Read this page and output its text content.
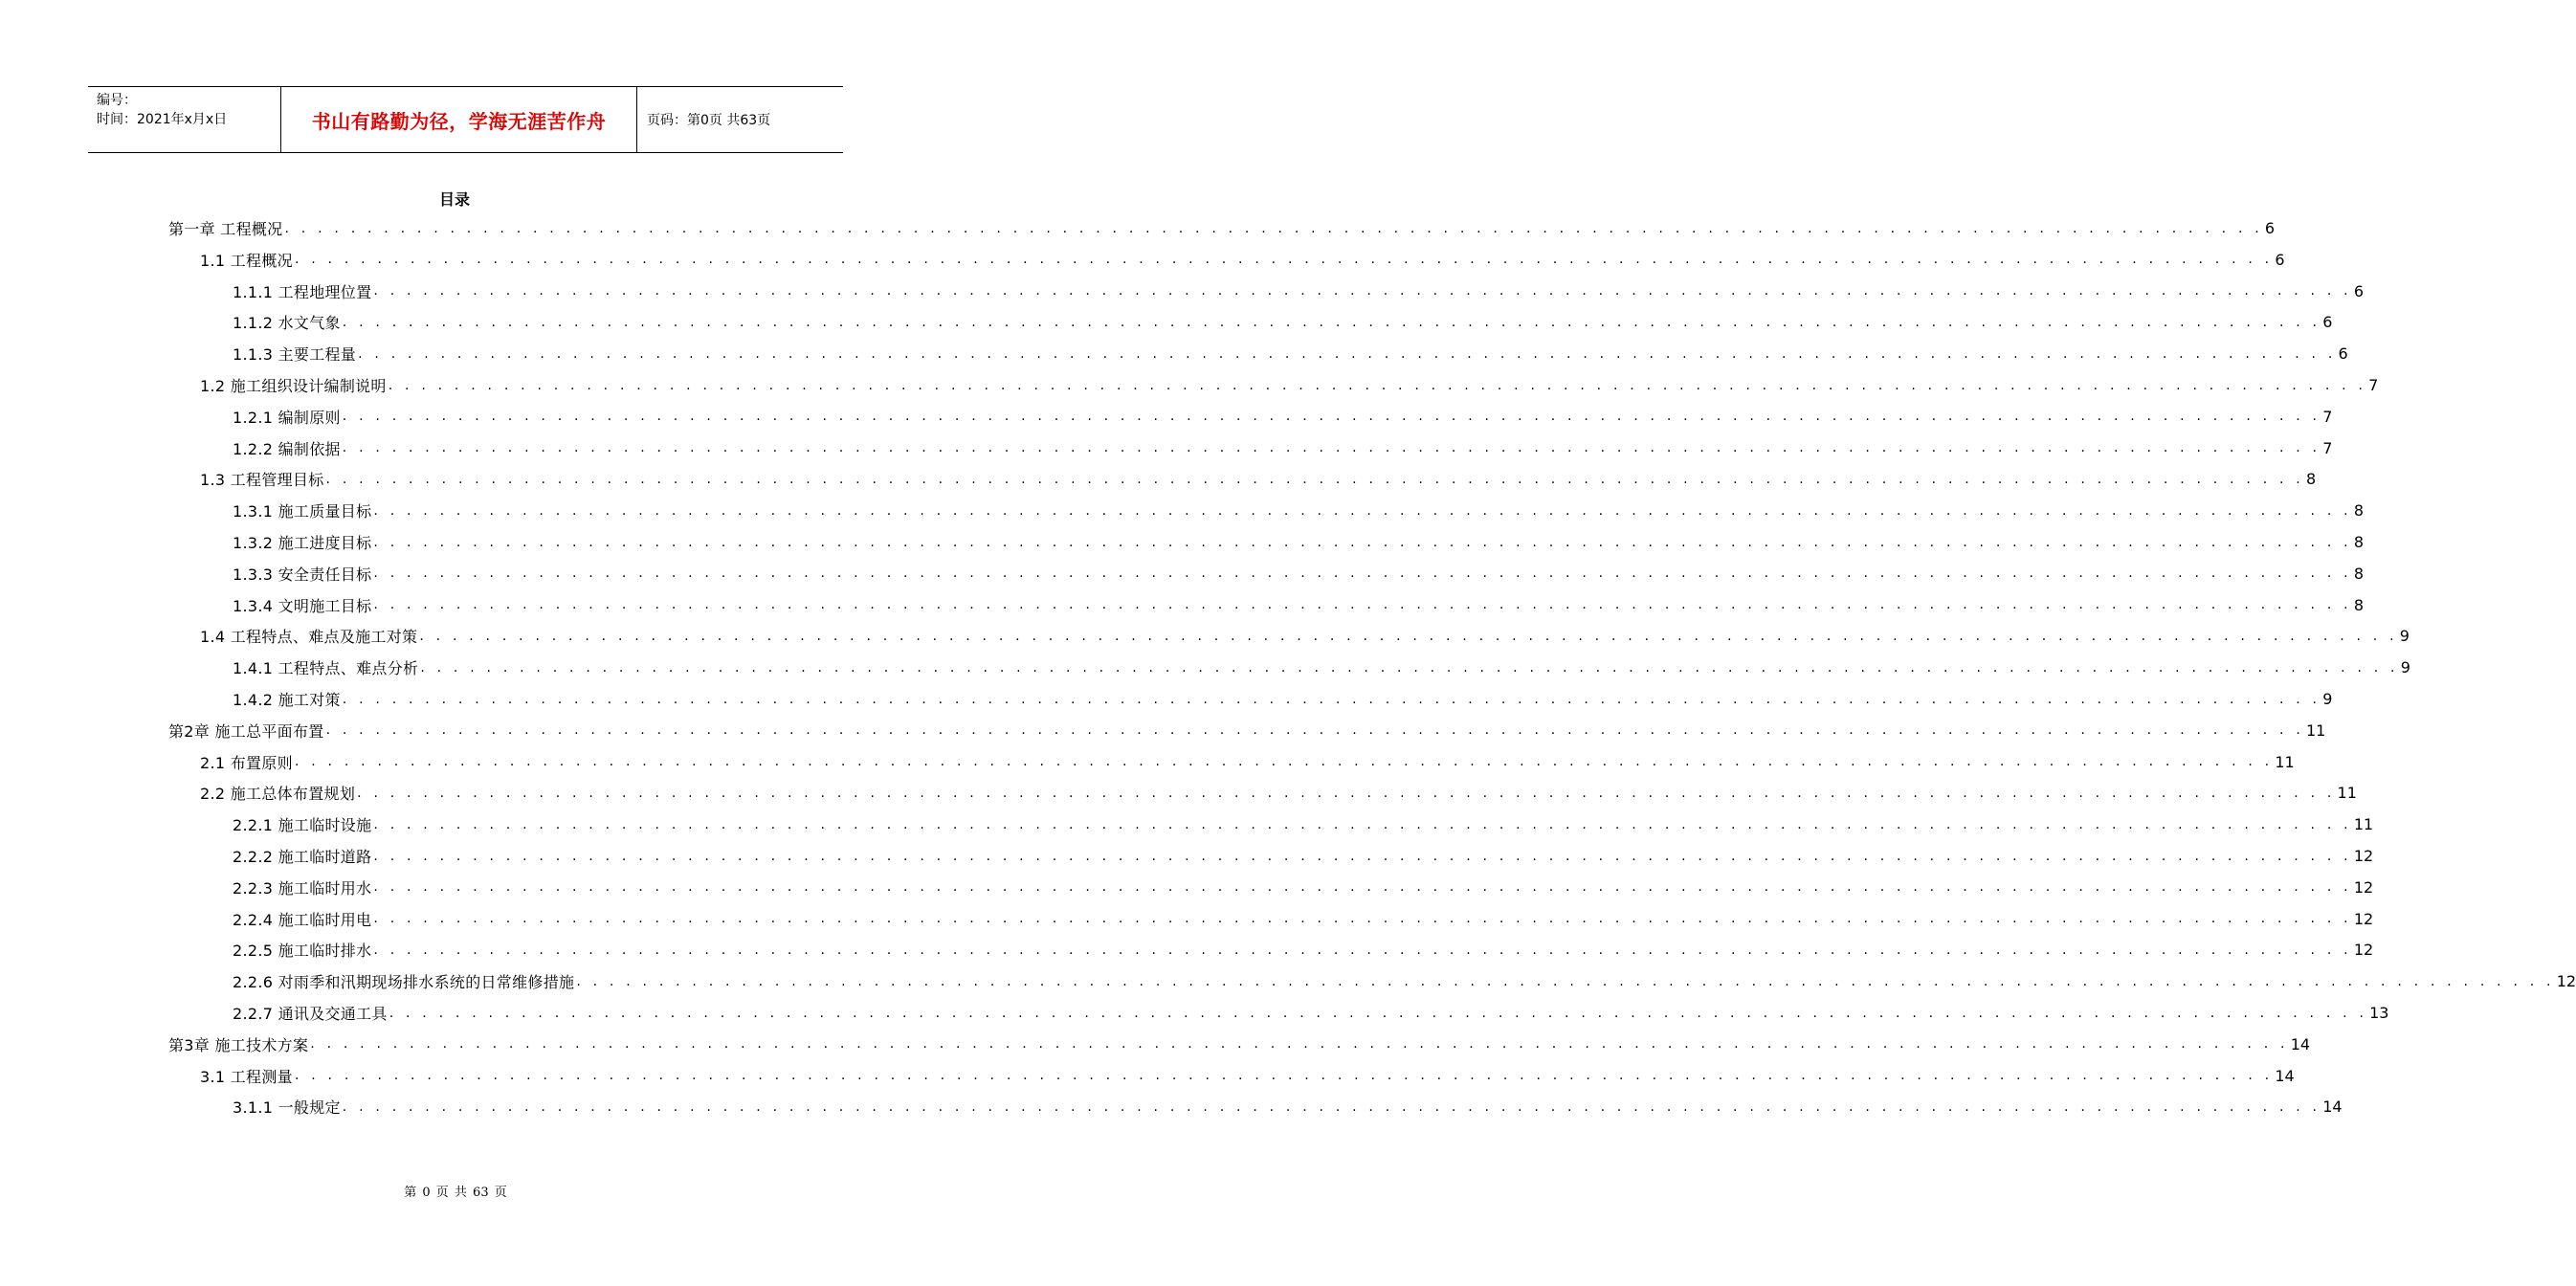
编号：
时间：2021年x月x日	书山有路勤为径，学海无涯苦作舟	页码：第0页 共63页
目录
第一章 工程概况 . . . . . . . . . . . . . . . . . . . . . . . . . . . . . . . . . . . . . . . . . . . . . . . . . . . . . . . . . . . . . . . . . . . . . . . . . . . . . . . . . . . . . . . . . . . . . . . . . . . . . . . . . . . . . . . . . . . . . . . . 6
1.1 工程概况 . . . . . . . . . . . . . . . . . . . . . . . . . . . . . . . . . . . . . . . . . . . . . . . . . . . . . . . . . . . . . . . . . . . . . . . . . . . . . . . . . . . . . . . . . . . . . . . . . . . . . . . . . . . . . . . . . . . . . . . . 6
1.1.1 工程地理位置 . . . . . . . . . . . . . . . . . . . . . . . . . . . . . . . . . . . . . . . . . . . . . . . . . . . . . . . . . . . . . . . . . . . . . . . . . . . . . . . . . . . . . . . . . . . . . . . . . . . . . . . . . . . . . . . . . . . . . . . . 6
1.1.2 水文气象 . . . . . . . . . . . . . . . . . . . . . . . . . . . . . . . . . . . . . . . . . . . . . . . . . . . . . . . . . . . . . . . . . . . . . . . . . . . . . . . . . . . . . . . . . . . . . . . . . . . . . . . . . . . . . . . . . . . . . . . . 6
1.1.3 主要工程量 . . . . . . . . . . . . . . . . . . . . . . . . . . . . . . . . . . . . . . . . . . . . . . . . . . . . . . . . . . . . . . . . . . . . . . . . . . . . . . . . . . . . . . . . . . . . . . . . . . . . . . . . . . . . . . . . . . . . . . . . 6
1.2 施工组织设计编制说明 . . . . . . . . . . . . . . . . . . . . . . . . . . . . . . . . . . . . . . . . . . . . . . . . . . . . . . . . . . . . . . . . . . . . . . . . . . . . . . . . . . . . . . . . . . . . . . . . . . . . . . . . . . . . . . . . . . . . . . . . 7
1.2.1 编制原则 . . . . . . . . . . . . . . . . . . . . . . . . . . . . . . . . . . . . . . . . . . . . . . . . . . . . . . . . . . . . . . . . . . . . . . . . . . . . . . . . . . . . . . . . . . . . . . . . . . . . . . . . . . . . . . . . . . . . . . . . 7
1.2.2 编制依据 . . . . . . . . . . . . . . . . . . . . . . . . . . . . . . . . . . . . . . . . . . . . . . . . . . . . . . . . . . . . . . . . . . . . . . . . . . . . . . . . . . . . . . . . . . . . . . . . . . . . . . . . . . . . . . . . . . . . . . . . 7
1.3 工程管理目标 . . . . . . . . . . . . . . . . . . . . . . . . . . . . . . . . . . . . . . . . . . . . . . . . . . . . . . . . . . . . . . . . . . . . . . . . . . . . . . . . . . . . . . . . . . . . . . . . . . . . . . . . . . . . . . . . . . . . . . . . 8
1.3.1 施工质量目标 . . . . . . . . . . . . . . . . . . . . . . . . . . . . . . . . . . . . . . . . . . . . . . . . . . . . . . . . . . . . . . . . . . . . . . . . . . . . . . . . . . . . . . . . . . . . . . . . . . . . . . . . . . . . . . . . . . . . . . . . 8
1.3.2 施工进度目标 . . . . . . . . . . . . . . . . . . . . . . . . . . . . . . . . . . . . . . . . . . . . . . . . . . . . . . . . . . . . . . . . . . . . . . . . . . . . . . . . . . . . . . . . . . . . . . . . . . . . . . . . . . . . . . . . . . . . . . . . 8
1.3.3 安全责任目标 . . . . . . . . . . . . . . . . . . . . . . . . . . . . . . . . . . . . . . . . . . . . . . . . . . . . . . . . . . . . . . . . . . . . . . . . . . . . . . . . . . . . . . . . . . . . . . . . . . . . . . . . . . . . . . . . . . . . . . . . 8
1.3.4 文明施工目标 . . . . . . . . . . . . . . . . . . . . . . . . . . . . . . . . . . . . . . . . . . . . . . . . . . . . . . . . . . . . . . . . . . . . . . . . . . . . . . . . . . . . . . . . . . . . . . . . . . . . . . . . . . . . . . . . . . . . . . . . 8
1.4 工程特点、难点及施工对策 . . . . . . . . . . . . . . . . . . . . . . . . . . . . . . . . . . . . . . . . . . . . . . . . . . . . . . . . . . . . . . . . . . . . . . . . . . . . . . . . . . . . . . . . . . . . . . . . . . . . . . . . . . . . . . . . . . . . . . . . 9
1.4.1 工程特点、难点分析 . . . . . . . . . . . . . . . . . . . . . . . . . . . . . . . . . . . . . . . . . . . . . . . . . . . . . . . . . . . . . . . . . . . . . . . . . . . . . . . . . . . . . . . . . . . . . . . . . . . . . . . . . . . . . . . . . . . . . . . . 9
1.4.2 施工对策 . . . . . . . . . . . . . . . . . . . . . . . . . . . . . . . . . . . . . . . . . . . . . . . . . . . . . . . . . . . . . . . . . . . . . . . . . . . . . . . . . . . . . . . . . . . . . . . . . . . . . . . . . . . . . . . . . . . . . . . . 9
第2章 施工总平面布置 . . . . . . . . . . . . . . . . . . . . . . . . . . . . . . . . . . . . . . . . . . . . . . . . . . . . . . . . . . . . . . . . . . . . . . . . . . . . . . . . . . . . . . . . . . . . . . . . . . . . . . . . . . . . . . . . . . . . . . . . 11
2.1 布置原则 . . . . . . . . . . . . . . . . . . . . . . . . . . . . . . . . . . . . . . . . . . . . . . . . . . . . . . . . . . . . . . . . . . . . . . . . . . . . . . . . . . . . . . . . . . . . . . . . . . . . . . . . . . . . . . . . . . . . . . . . 11
2.2 施工总体布置规划 . . . . . . . . . . . . . . . . . . . . . . . . . . . . . . . . . . . . . . . . . . . . . . . . . . . . . . . . . . . . . . . . . . . . . . . . . . . . . . . . . . . . . . . . . . . . . . . . . . . . . . . . . . . . . . . . . . . . . . . . 11
2.2.1 施工临时设施 . . . . . . . . . . . . . . . . . . . . . . . . . . . . . . . . . . . . . . . . . . . . . . . . . . . . . . . . . . . . . . . . . . . . . . . . . . . . . . . . . . . . . . . . . . . . . . . . . . . . . . . . . . . . . . . . . . . . . . . . 11
2.2.2 施工临时道路 . . . . . . . . . . . . . . . . . . . . . . . . . . . . . . . . . . . . . . . . . . . . . . . . . . . . . . . . . . . . . . . . . . . . . . . . . . . . . . . . . . . . . . . . . . . . . . . . . . . . . . . . . . . . . . . . . . . . . . . . 12
2.2.3 施工临时用水 . . . . . . . . . . . . . . . . . . . . . . . . . . . . . . . . . . . . . . . . . . . . . . . . . . . . . . . . . . . . . . . . . . . . . . . . . . . . . . . . . . . . . . . . . . . . . . . . . . . . . . . . . . . . . . . . . . . . . . . . 12
2.2.4 施工临时用电 . . . . . . . . . . . . . . . . . . . . . . . . . . . . . . . . . . . . . . . . . . . . . . . . . . . . . . . . . . . . . . . . . . . . . . . . . . . . . . . . . . . . . . . . . . . . . . . . . . . . . . . . . . . . . . . . . . . . . . . . 12
2.2.5 施工临时排水 . . . . . . . . . . . . . . . . . . . . . . . . . . . . . . . . . . . . . . . . . . . . . . . . . . . . . . . . . . . . . . . . . . . . . . . . . . . . . . . . . . . . . . . . . . . . . . . . . . . . . . . . . . . . . . . . . . . . . . . . 12
2.2.6 对雨季和汛期现场排水系统的日常维修措施 . . . . . . . . . . . . . . . . . . . . . . . . . . . . . . . . . . . . . . . . . . . . . . . . . . . . . . . . . . . . . . . . . . . . . . . . . . . . . . . . . . . . . . . . . . . . . . . . . . . . . . . . . . . . . . . . . . . . . . . . 12
2.2.7 通讯及交通工具 . . . . . . . . . . . . . . . . . . . . . . . . . . . . . . . . . . . . . . . . . . . . . . . . . . . . . . . . . . . . . . . . . . . . . . . . . . . . . . . . . . . . . . . . . . . . . . . . . . . . . . . . . . . . . . . . . . . . . . . . 13
第3章 施工技术方案 . . . . . . . . . . . . . . . . . . . . . . . . . . . . . . . . . . . . . . . . . . . . . . . . . . . . . . . . . . . . . . . . . . . . . . . . . . . . . . . . . . . . . . . . . . . . . . . . . . . . . . . . . . . . . . . . . . . . . . . . 14
3.1 工程测量 . . . . . . . . . . . . . . . . . . . . . . . . . . . . . . . . . . . . . . . . . . . . . . . . . . . . . . . . . . . . . . . . . . . . . . . . . . . . . . . . . . . . . . . . . . . . . . . . . . . . . . . . . . . . . . . . . . . . . . . . 14
3.1.1 一般规定 . . . . . . . . . . . . . . . . . . . . . . . . . . . . . . . . . . . . . . . . . . . . . . . . . . . . . . . . . . . . . . . . . . . . . . . . . . . . . . . . . . . . . . . . . . . . . . . . . . . . . . . . . . . . . . . . . . . . . . . . 14
第 0 页 共 63 页
